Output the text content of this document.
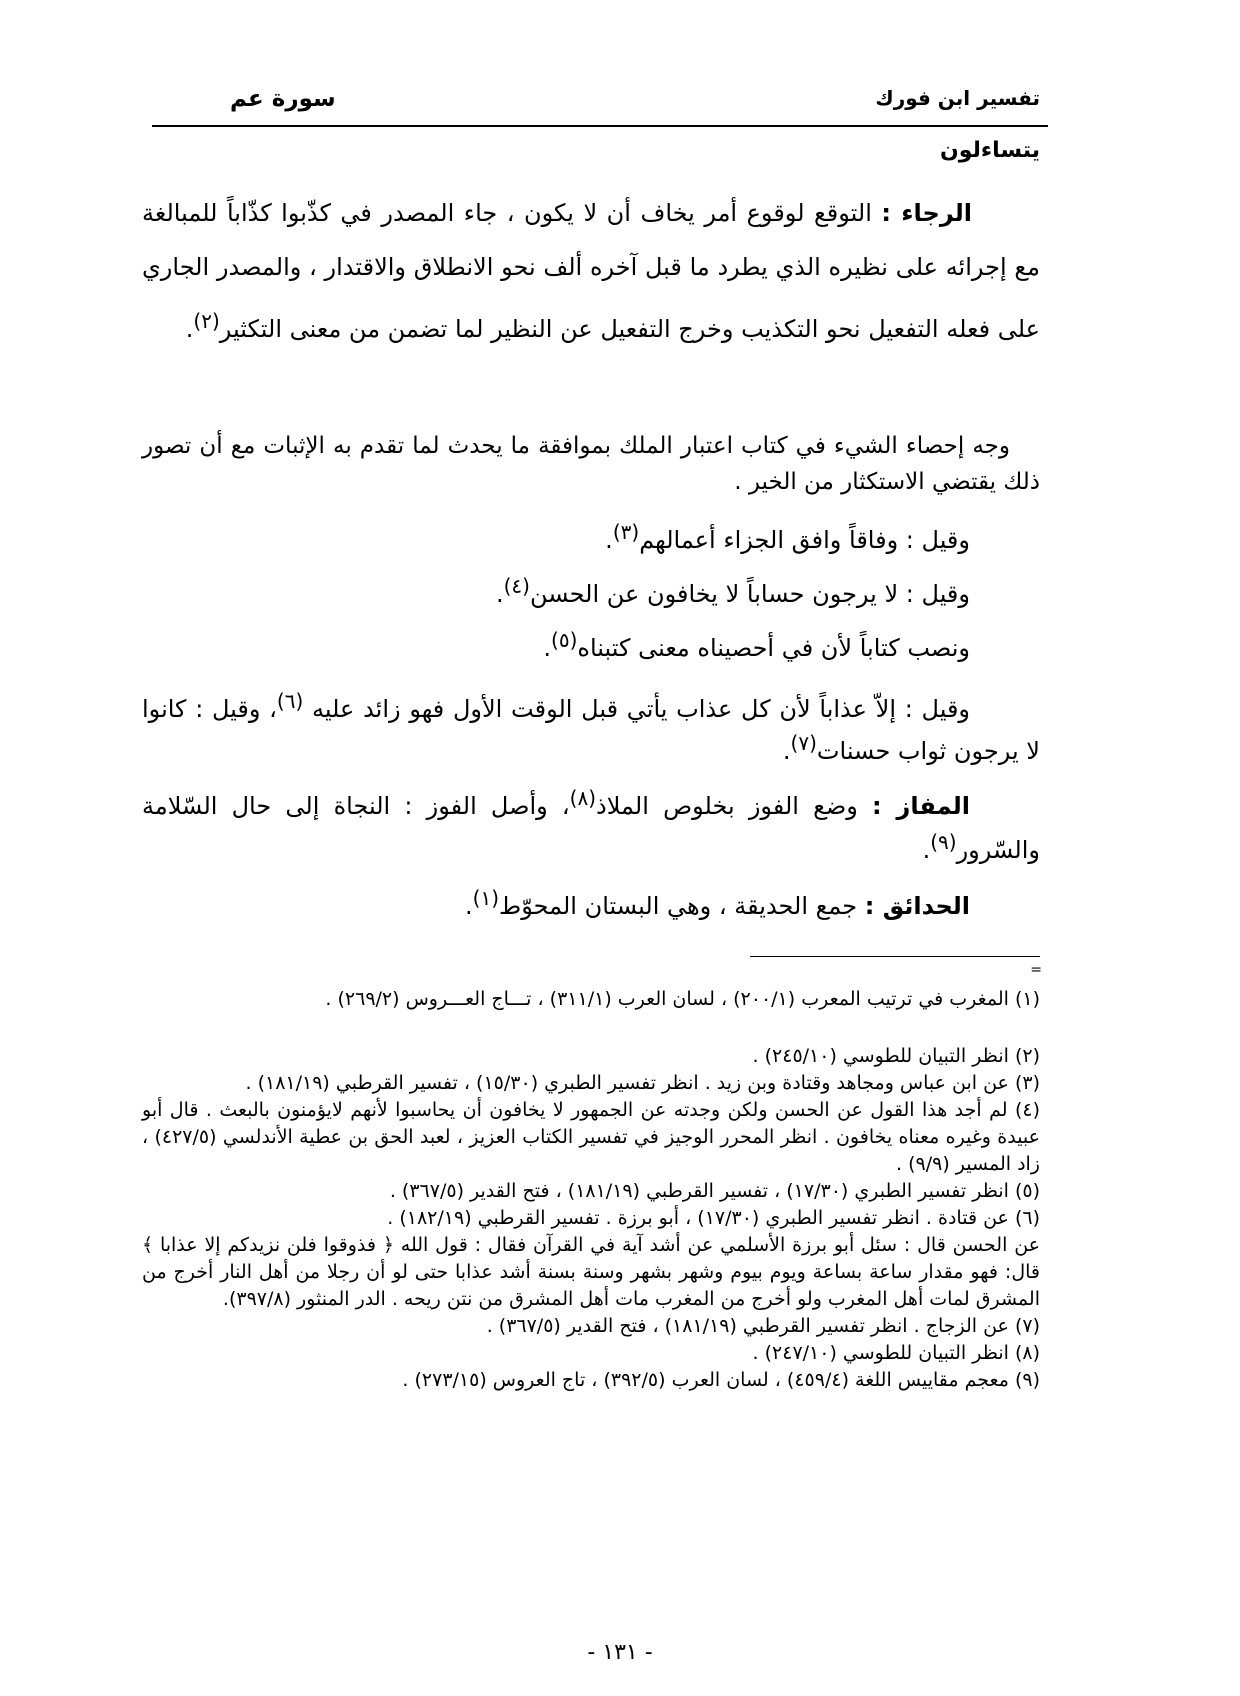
تفسير ابن فورك
سورة عم
يتساءلون
الرجاء : التوقع لوقوع أمر يخاف أن لا يكون ، جاء المصدر في كذّبوا كذّاباً للمبالغة مع إجرائه على نظيره الذي يطرد ما قبل آخره ألف نحو الانطلاق والاقتدار ، والمصدر الجاري على فعله التفعيل نحو التكذيب وخرج التفعيل عن النظير لما تضمن من معنى التكثير$^{(٢)}$.
وجه إحصاء الشيء في كتاب اعتبار الملك بموافقة ما يحدث لما تقدم به الإثبات مع أن تصور ذلك يقتضي الاستكثار من الخير .
وقيل : وفاقاً وافق الجزاء أعمالهم$^{(٣)}$.
وقيل : لا يرجون حساباً لا يخافون عن الحسن$^{(٤)}$.
ونصب كتاباً لأن في أحصيناه معنى كتبناه$^{(٥)}$.
وقيل : إلاّ عذاباً لأن كل عذاب يأتي قبل الوقت الأول فهو زائد عليه $^{(٦)}$، وقيل : كانوا لا يرجون ثواب حسنات$^{(٧)}$.
المفاز : وضع الفوز بخلوص الملاذ$^{(٨)}$، وأصل الفوز : النجاة إلى حال السّلامة والسّرور$^{(٩)}$.
الحدائق : جمع الحديقة ، وهي البستان المحوّط$^{(١)}$.
=
(١) المغرب في ترتيب المعرب (٢٠٠/١) ، لسان العرب (٣١١/١) ، تـــاج العـــروس (٢٦٩/٢) .
(٢) انظر التبيان للطوسي (٢٤٥/١٠) .
(٣) عن ابن عباس ومجاهد وقتادة وبن زيد . انظر تفسير الطبري (١٥/٣٠) ، تفسير القرطبي (١٨١/١٩) .
(٤) لم أجد هذا القول عن الحسن ولكن وجدته عن الجمهور لا يخافون أن يحاسبوا لأنهم لايؤمنون بالبعث . قال أبو عبيدة وغيره معناه يخافون . انظر المحرر الوجيز في تفسير الكتاب العزيز ، لعبد الحق بن عطية الأندلسي (٤٢٧/٥) ، زاد المسير (٩/٩) .
(٥) انظر تفسير الطبري (١٧/٣٠) ، تفسير القرطبي (١٨١/١٩) ، فتح القدير (٣٦٧/٥) .
(٦) عن قتادة . انظر تفسير الطبري (١٧/٣٠) ، أبو برزة . تفسير القرطبي (١٨٢/١٩) .
عن الحسن قال : سئل أبو برزة الأسلمي عن أشد آية في القرآن فقال : قول الله ﴿ فذوقوا فلن نزيدكم إلا عذابا ﴾ قال: فهو مقدار ساعة بساعة ويوم بيوم وشهر بشهر وسنة بسنة أشد عذابا حتى لو أن رجلا من أهل النار أخرج من المشرق لمات أهل المغرب ولو أخرج من المغرب مات أهل المشرق من نتن ريحه . الدر المنثور (٣٩٧/٨).
(٧) عن الزجاج . انظر تفسير القرطبي (١٨١/١٩) ، فتح القدير (٣٦٧/٥) .
(٨) انظر التبيان للطوسي (٢٤٧/١٠) .
(٩) معجم مقاييس اللغة (٤٥٩/٤) ، لسان العرب (٣٩٢/٥) ، تاج العروس (٢٧٣/١٥) .
- ١٣١ -
